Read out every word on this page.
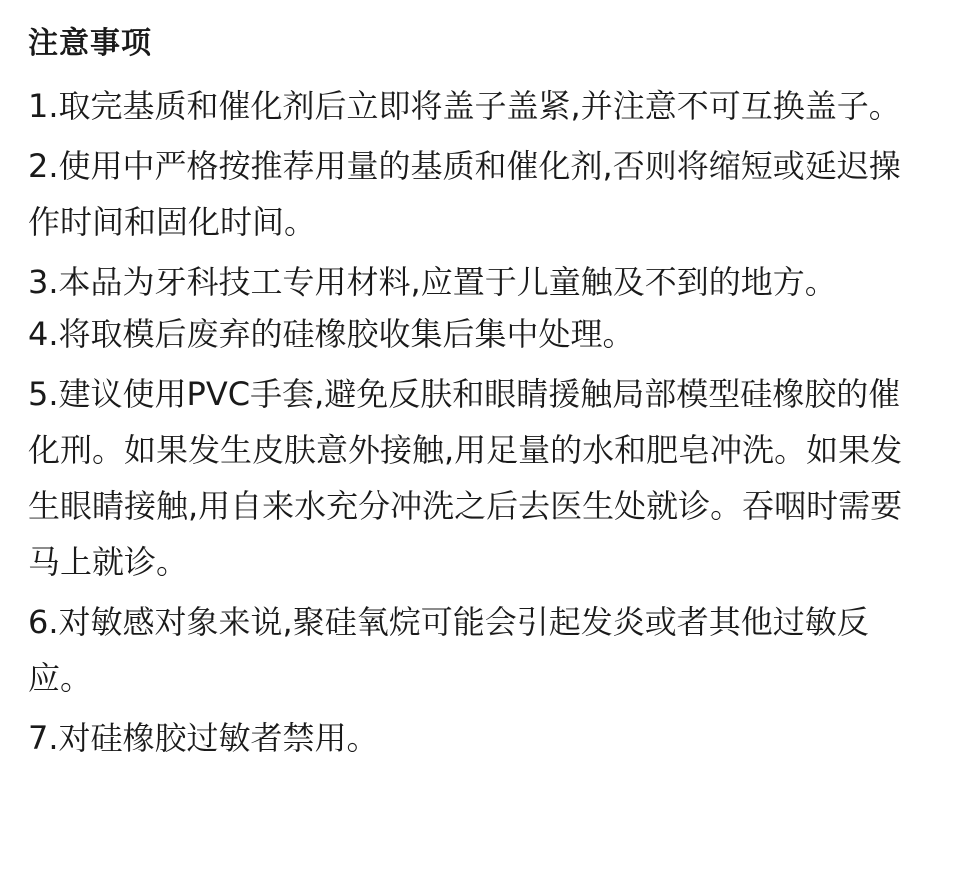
注意事项
1.取完基质和催化剂后立即将盖子盖紧,并注意不可互换盖子。
2.使用中严格按推荐用量的基质和催化剂,否则将缩短或延迟操作时间和固化时间。
3.本品为牙科技工专用材料,应置于儿童触及不到的地方。
4.将取模后废弃的硅橡胶收集后集中处理。
5.建议使用PVC手套,避免反肤和眼睛援触局部模型硅橡胶的催化刑。如果发生皮肤意外接触,用足量的水和肥皂冲洗。如果发生眼睛接触,用自来水充分冲洗之后去医生处就诊。吞咽时需要马上就诊。
6.对敏感对象来说,聚硅氧烷可能会引起发炎或者其他过敏反应。
7.对硅橡胶过敏者禁用。
